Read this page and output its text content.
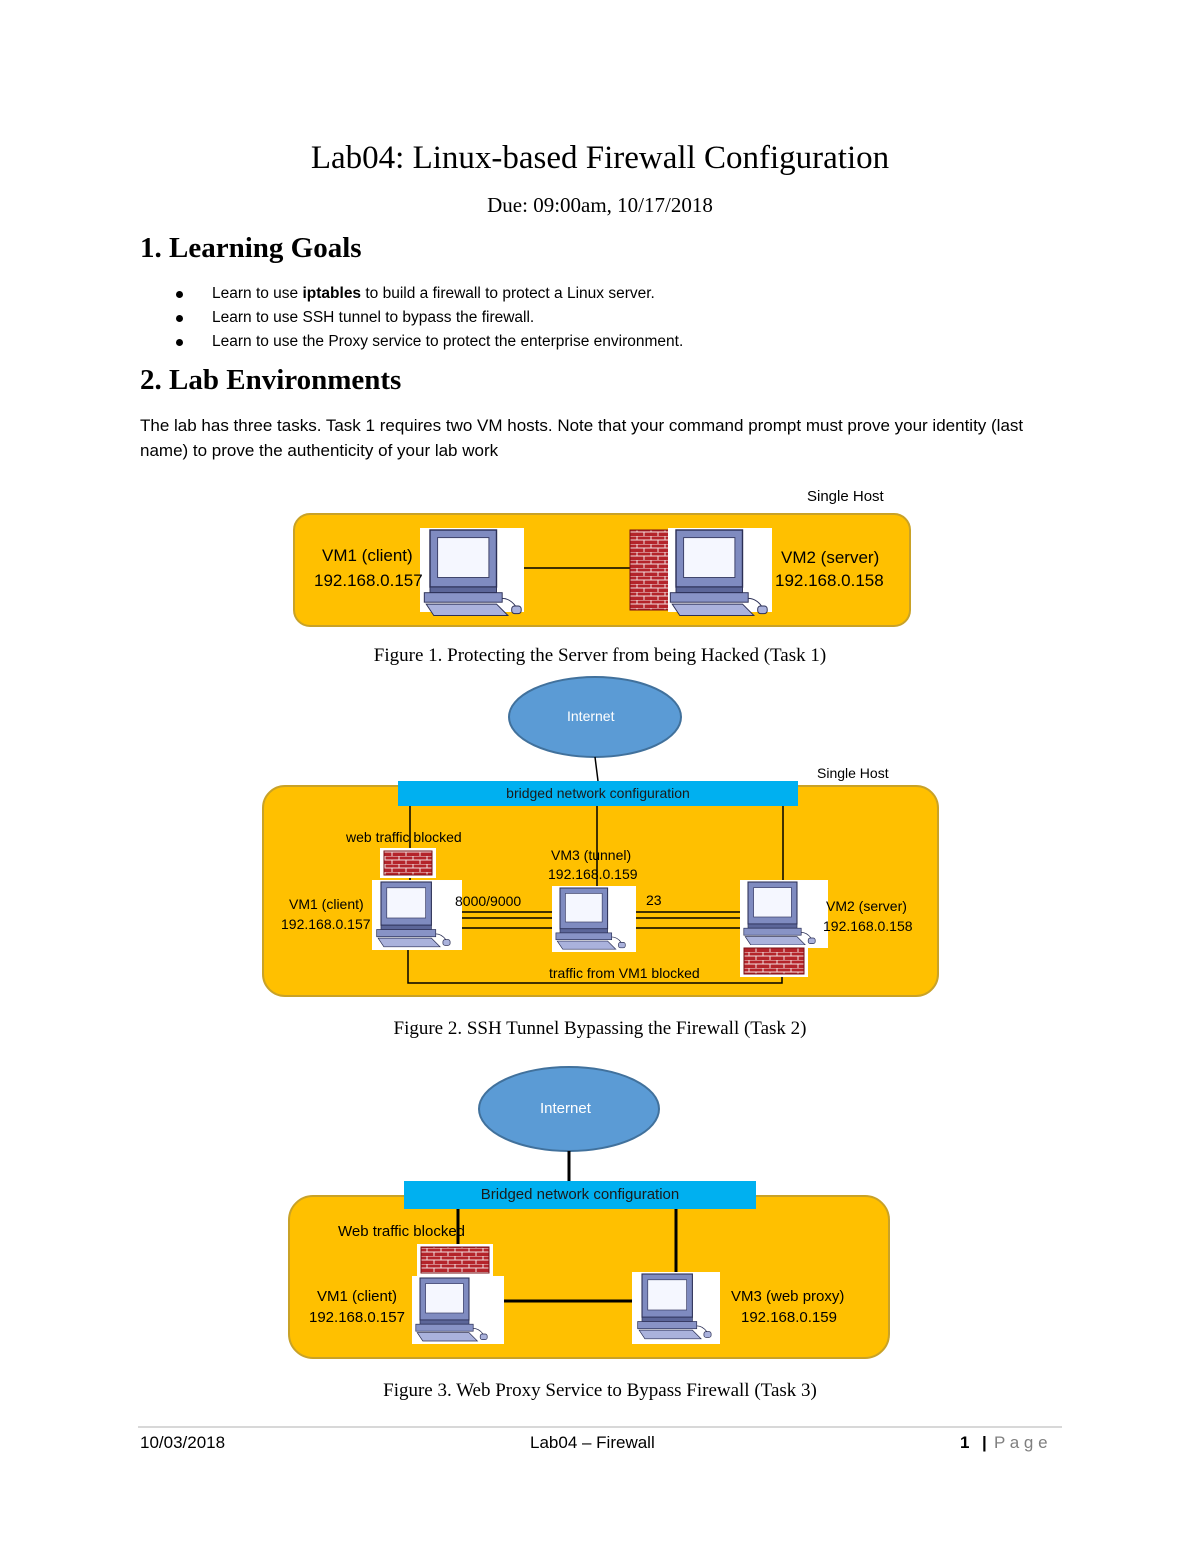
Lab04: Linux-based Firewall Configuration
Due: 09:00am, 10/17/2018
1. Learning Goals
Learn to use iptables to build a firewall to protect a Linux server.
Learn to use SSH tunnel to bypass the firewall.
Learn to use the Proxy service to protect the enterprise environment.
2. Lab Environments
The lab has three tasks. Task 1 requires two VM hosts. Note that your command prompt must prove your identity (last name) to prove the authenticity of your lab work
Single Host
VM1 (client)
192.168.0.157
VM2 (server)
192.168.0.158
Figure 1. Protecting the Server from being Hacked (Task 1)
Internet
Single Host
bridged network configuration
web traffic blocked
VM3 (tunnel)
192.168.0.159
VM1 (client)
192.168.0.157
8000/9000	23	VM2 (server)
192.168.0.158
traffic from VM1 blocked
Figure 2. SSH Tunnel Bypassing the Firewall (Task 2)
Internet
Bridged network configuration
Web traffic blocked
VM1 (client)
192.168.0.157
VM3 (web proxy)
192.168.0.159
Figure 3. Web Proxy Service to Bypass Firewall (Task 3)
10/03/2018	Lab04 – Firewall	1 | P a g e
